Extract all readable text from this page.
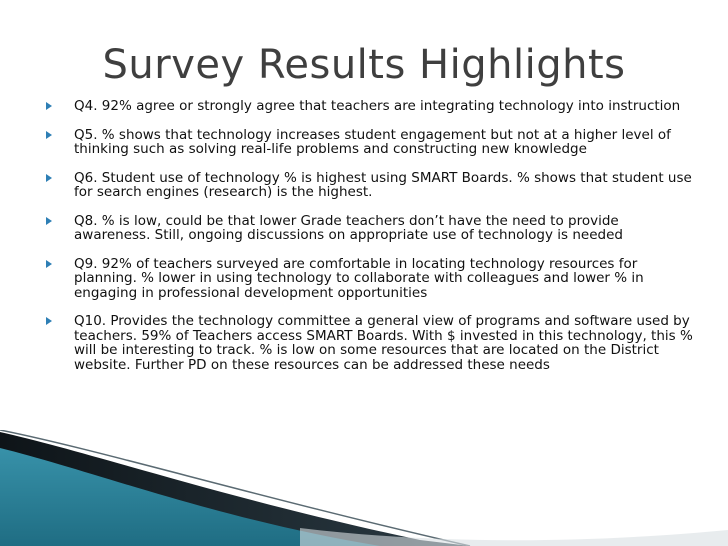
Survey Results Highlights
Q4. 92% agree or strongly agree that teachers are integrating technology into instruction
Q5. % shows that technology increases student engagement but not at a higher level of thinking such as solving real-life problems and constructing new knowledge
Q6. Student use of technology % is highest using SMART Boards. % shows that student use for search engines (research) is the highest.
Q8. % is low, could be that lower Grade teachers don’t have the need to provide awareness. Still, ongoing discussions on appropriate use of technology is needed
Q9. 92% of teachers surveyed are comfortable in locating technology resources for planning. % lower in using technology to collaborate with colleagues and lower % in engaging in professional development opportunities
Q10. Provides the technology committee a general view of programs and software used by teachers. 59% of Teachers access SMART Boards. With $ invested in this technology, this % will be interesting to track. % is low on some resources that are located on the District website. Further PD on these resources can be addressed these needs
